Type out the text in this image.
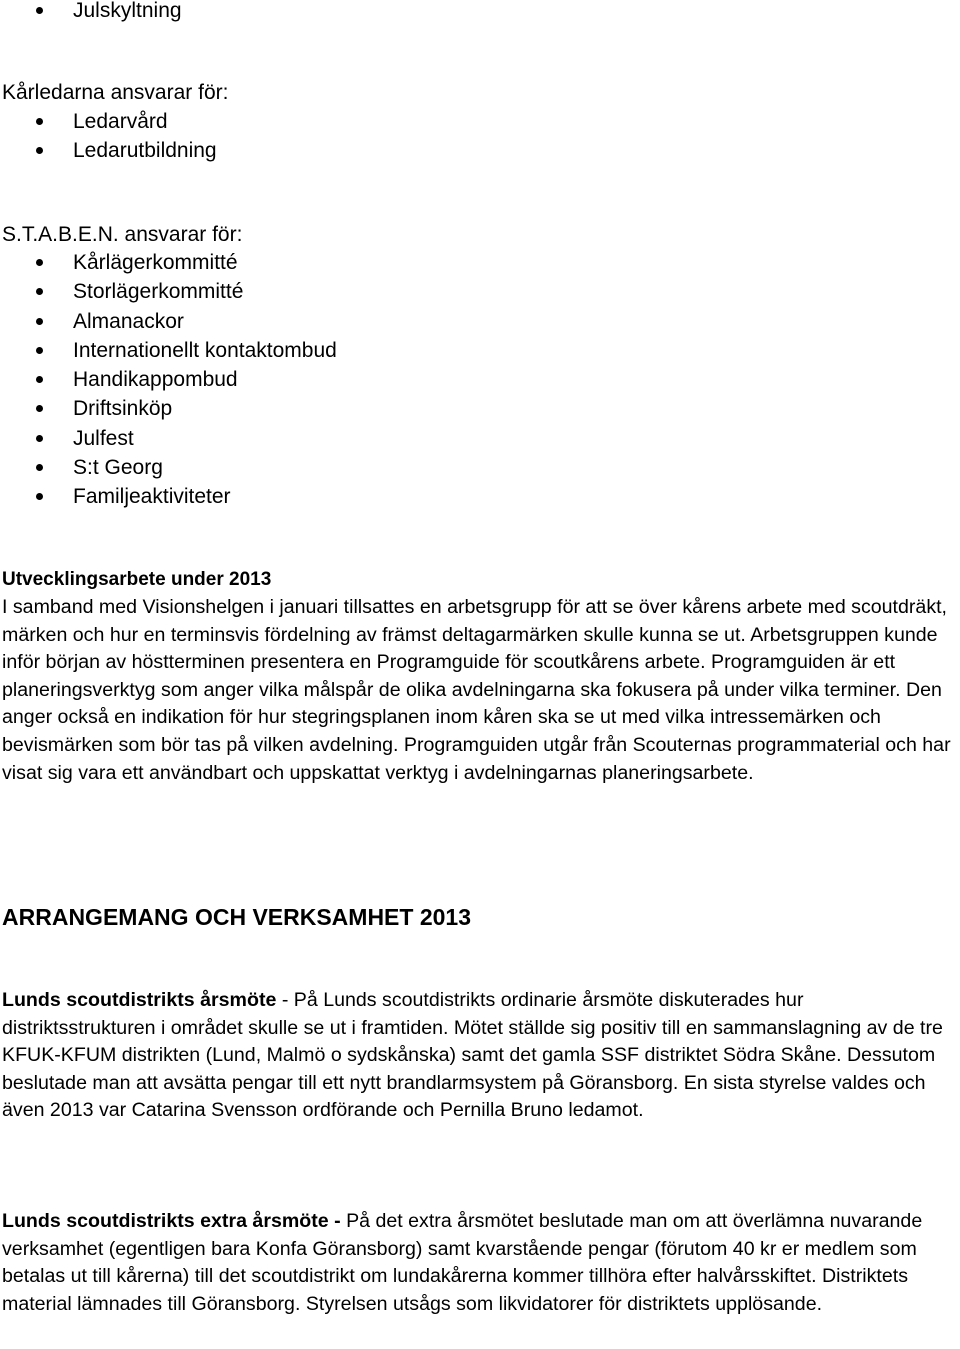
Julskyltning
Kårledarna ansvarar för:
Ledarvård
Ledarutbildning
S.T.A.B.E.N. ansvarar för:
Kårlägerkommitté
Storlägerkommitté
Almanackor
Internationellt kontaktombud
Handikappombud
Driftsinköp
Julfest
S:t Georg
Familjeaktiviteter
Utvecklingsarbete under 2013

I samband med Visionshelgen i januari tillsattes en arbetsgrupp för att se över kårens arbete med scoutdräkt, märken och hur en terminsvis fördelning av främst deltagarmärken skulle kunna se ut. Arbetsgruppen kunde inför början av höstterminen presentera en Programguide för scoutkårens arbete. Programguiden är ett planeringsverktyg som anger vilka målspår de olika avdelningarna ska fokusera på under vilka terminer. Den anger också en indikation för hur stegringsplanen inom kåren ska se ut med vilka intressemärken och bevismärken som bör tas på vilken avdelning. Programguiden utgår från Scouternas programmaterial och har visat sig vara ett användbart och uppskattat verktyg i avdelningarnas planeringsarbete.

ARRANGEMANG OCH VERKSAMHET 2013

Lunds scoutdistrikts årsmöte - På Lunds scoutdistrikts ordinarie årsmöte diskuterades hur distriktsstrukturen i området skulle se ut i framtiden. Mötet ställde sig positiv till en sammanslagning av de tre KFUK-KFUM distrikten (Lund, Malmö o sydskånska) samt det gamla SSF distriktet Södra Skåne. Dessutom beslutade man att avsätta pengar till ett nytt brandlarmsystem på Göransborg. En sista styrelse valdes och även 2013 var Catarina Svensson ordförande och Pernilla Bruno ledamot.

Lunds scoutdistrikts extra årsmöte - På det extra årsmötet beslutade man om att överlämna nuvarande verksamhet (egentligen bara Konfa Göransborg) samt kvarstående pengar (förutom 40 kr er medlem som betalas ut till kårerna) till det scoutdistrikt om lundakårerna kommer tillhöra efter halvårsskiftet. Distriktets material lämnades till Göransborg. Styrelsen utsågs som likvidatorer för distriktets upplösande.
